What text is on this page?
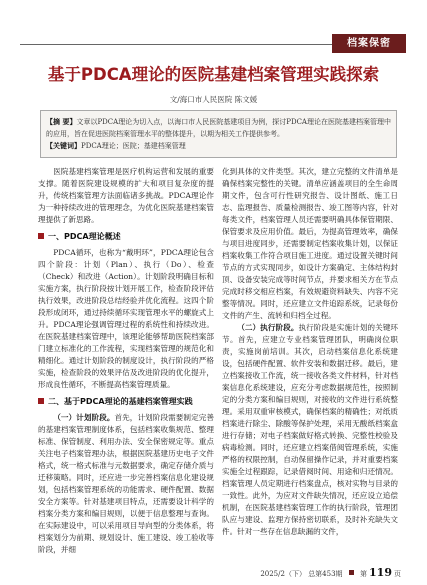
档案保密
基于PDCA理论的医院基建档案管理实践探索
文/海口市人民医院 陈文媛

【摘 要】文章以PDCA理论为切入点，以海口市人民医院基建项目为例，探讨PDCA理论在医院基建档案管理中的应用，旨在促进医院档案管理水平的整体提升，以期为相关工作提供参考。

【关键词】PDCA理论；医院；基建档案管理

医院基建档案管理是医疗机构运营和发展的重要支撑。随着医院建设规模的扩大和项目复杂度的提升，传统档案管理方法面临诸多挑战。PDCA理论作为一种持续改进的管理理念，为优化医院基建档案管理提供了新思路。

一、PDCA理论概述

PDCA循环，也称为“戴明环”，PDCA理论包含四个阶段：计划（Plan）、执行（Do）、检查（Check）和改进（Action）。计划阶段明确目标和实施方案，执行阶段按计划开展工作，检查阶段评估执行效果，改进阶段总结经验并优化流程。这四个阶段形成闭环，通过持续循环实现管理水平的螺旋式上升。PDCA理论强调管理过程的系统性和持续改进。在医院基建档案管理中，该理论能够帮助医院档案部门建立标准化的工作流程，实现档案管理的规范化和精细化。通过计划阶段的制度设计，执行阶段的严格实施，检查阶段的效果评估及改进阶段的优化提升，形成良性循环，不断提高档案管理质量。

二、基于PDCA理论的基建档案管理实践

（一）计划阶段。首先，计划阶段需要制定完善的基建档案管理制度体系，包括档案收集规范、整理标准、保管制度、利用办法、安全保密规定等。重点关注电子档案管理办法，根据医院基建历史电子文件格式，统一格式标准与元数据要求，确定存储介质与迁移策略。同时，还应进一步完善档案信息化建设规划，包括档案管理系统的功能需求、硬件配置、数据安全方案等。针对基建项目特点，还需要设计科学的档案分类方案和编目规则，以便于信息整理与查询。在实际建设中，可以采用项目导向型的分类体系，将档案划分为前期、规划设计、施工建设、竣工验收等阶段，并细

化到具体的文件类型。其次，建立完整的文件清单是确保档案完整性的关键。清单应涵盖项目的全生命周期文件，包含可行性研究报告、设计图纸、施工日志、监理报告、质量检测报告、竣工图等内容，针对每类文件，档案管理人员还需要明确具体保管期限、保管要求及应用价值。最后，为提高管理效率，确保与项目进度同步，还需要制定档案收集计划，以保证档案收集工作符合项目施工进度。通过设置关键时间节点的方式实现同步，如设计方案确定、主体结构封顶、设备安装完成等时间节点，并要求相关方在节点完成时移交相应档案，有效规避资料缺失、内容不完整等情况。同时，还应建立文件追踪系统，记录每份文件的产生、流转和归档全过程。

（二）执行阶段。执行阶段是实施计划的关键环节。首先，应建立专业档案管理团队，明确岗位职责，实施岗前培训。其次，启动档案信息化系统建设，包括硬件配置、软件安装和数据迁移。最后，建立档案接收工作流，统一接收各类文件材料，针对档案信息化系统建设，应充分考虑数据规范性，按照制定的分类方案和编目规则，对接收的文件进行系统整理。采用双重审核模式，确保档案的精确性；对纸质档案进行除尘、除酸等保护处理，采用无酸纸档案盒进行存储；对电子档案做好格式转换、完整性校验及病毒检测。同时，还应建立档案借阅管理系统，实施严格的权限控制，自动保留操作记录，并对重要档案实施全过程跟踪，记录借阅时间、用途和归还情况。档案管理人员定期进行档案盘点，核对实物与目录的一致性。此外，为应对文件缺失情况，还应设立追偿机制，在医院基建档案管理工作的执行阶段，管理团队应与建设、监理方保持密切联系，及时补充缺失文件。针对一些存在信息缺漏的文件，

2025/2（下） 总第453期 第 119 页
